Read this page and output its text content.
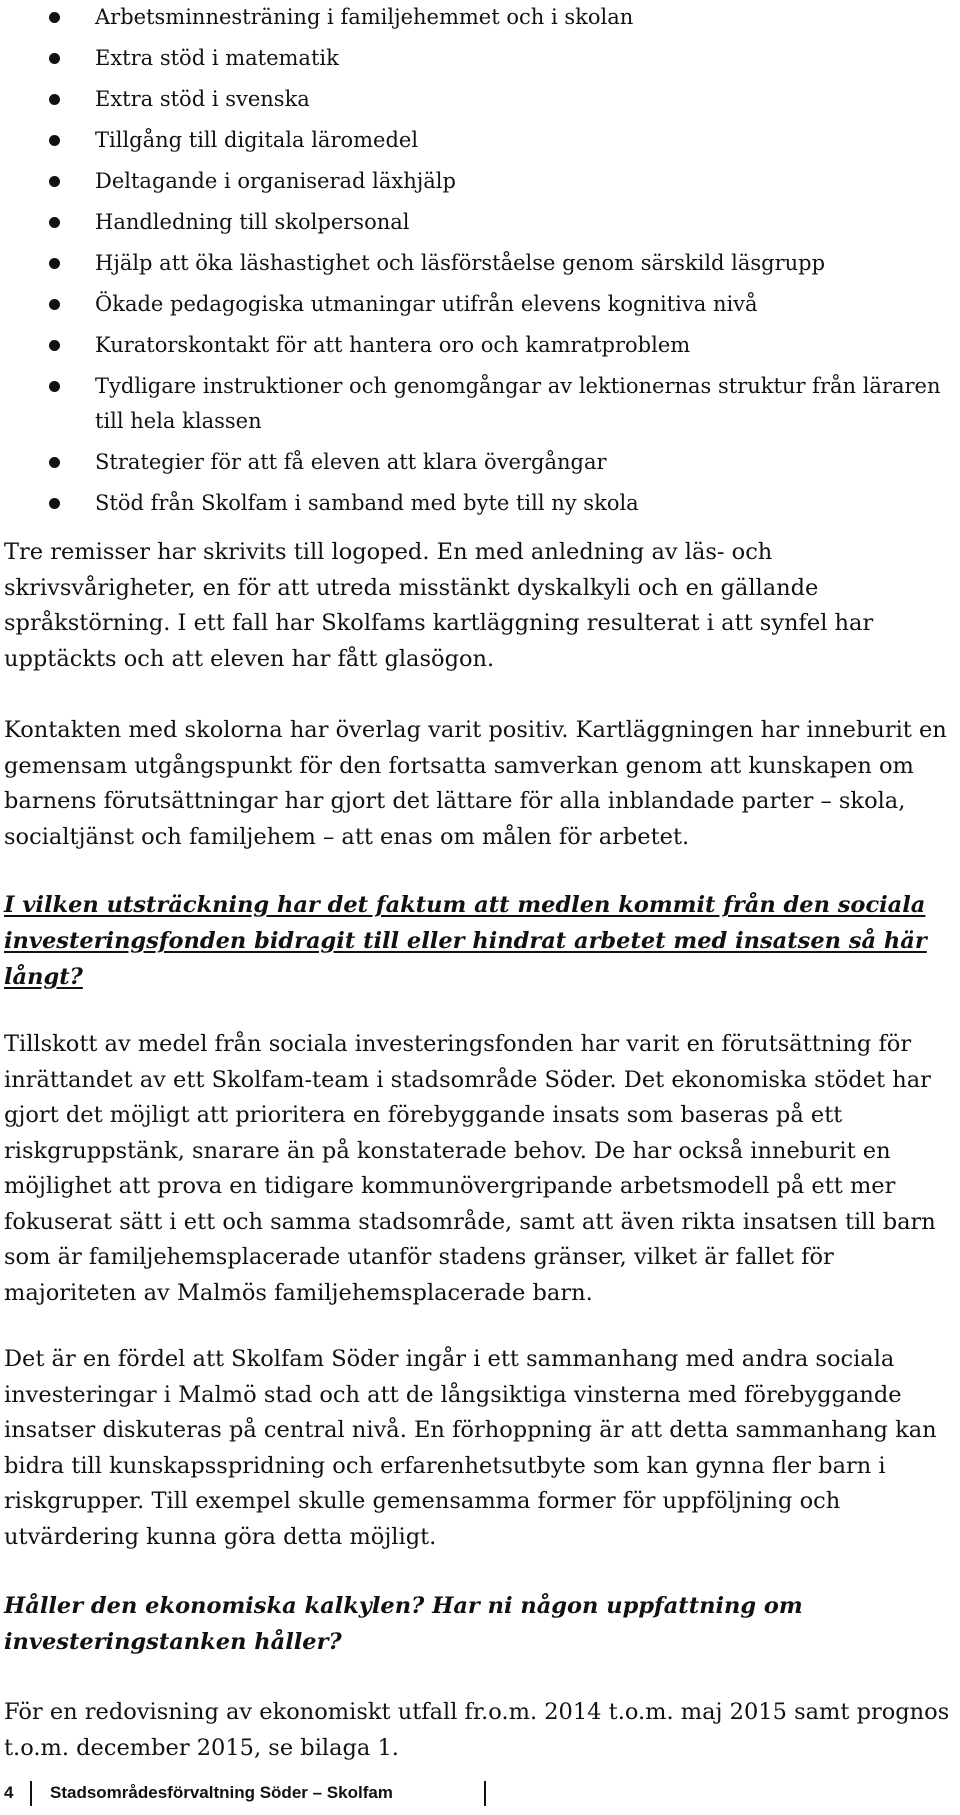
Arbetsminnesträning i familjehemmet och i skolan
Extra stöd i matematik
Extra stöd i svenska
Tillgång till digitala läromedel
Deltagande i organiserad läxhjälp
Handledning till skolpersonal
Hjälp att öka läshastighet och läsförståelse genom särskild läsgrupp
Ökade pedagogiska utmaningar utifrån elevens kognitiva nivå
Kuratorskontakt för att hantera oro och kamratproblem
Tydligare instruktioner och genomgångar av lektionernas struktur från läraren till hela klassen
Strategier för att få eleven att klara övergångar
Stöd från Skolfam i samband med byte till ny skola

Tre remisser har skrivits till logoped. En med anledning av läs- och skrivsvårigheter, en för att utreda misstänkt dyskalkyli och en gällande språkstörning. I ett fall har Skolfams kartläggning resulterat i att synfel har upptäckts och att eleven har fått glasögon.

Kontakten med skolorna har överlag varit positiv. Kartläggningen har inneburit en gemensam utgångspunkt för den fortsatta samverkan genom att kunskapen om barnens förutsättningar har gjort det lättare för alla inblandade parter – skola, socialtjänst och familjehem – att enas om målen för arbetet.

I vilken utsträckning har det faktum att medlen kommit från den sociala investeringsfonden bidragit till eller hindrat arbetet med insatsen så här långt?

Tillskott av medel från sociala investeringsfonden har varit en förutsättning för inrättandet av ett Skolfam-team i stadsområde Söder. Det ekonomiska stödet har gjort det möjligt att prioritera en förebyggande insats som baseras på ett riskgruppstänk, snarare än på konstaterade behov. De har också inneburit en möjlighet att prova en tidigare kommunövergripande arbetsmodell på ett mer fokuserat sätt i ett och samma stadsområde, samt att även rikta insatsen till barn som är familjehemsplacerade utanför stadens gränser, vilket är fallet för majoriteten av Malmös familjehemsplacerade barn.

Det är en fördel att Skolfam Söder ingår i ett sammanhang med andra sociala investeringar i Malmö stad och att de långsiktiga vinsterna med förebyggande insatser diskuteras på central nivå. En förhoppning är att detta sammanhang kan bidra till kunskapsspridning och erfarenhetsutbyte som kan gynna fler barn i riskgrupper. Till exempel skulle gemensamma former för uppföljning och utvärdering kunna göra detta möjligt.

Håller den ekonomiska kalkylen? Har ni någon uppfattning om investeringstanken håller?

För en redovisning av ekonomiskt utfall fr.o.m. 2014 t.o.m. maj 2015 samt prognos t.o.m. december 2015, se bilaga 1.

4 Stadsområdesförvaltning Söder – Skolfam
